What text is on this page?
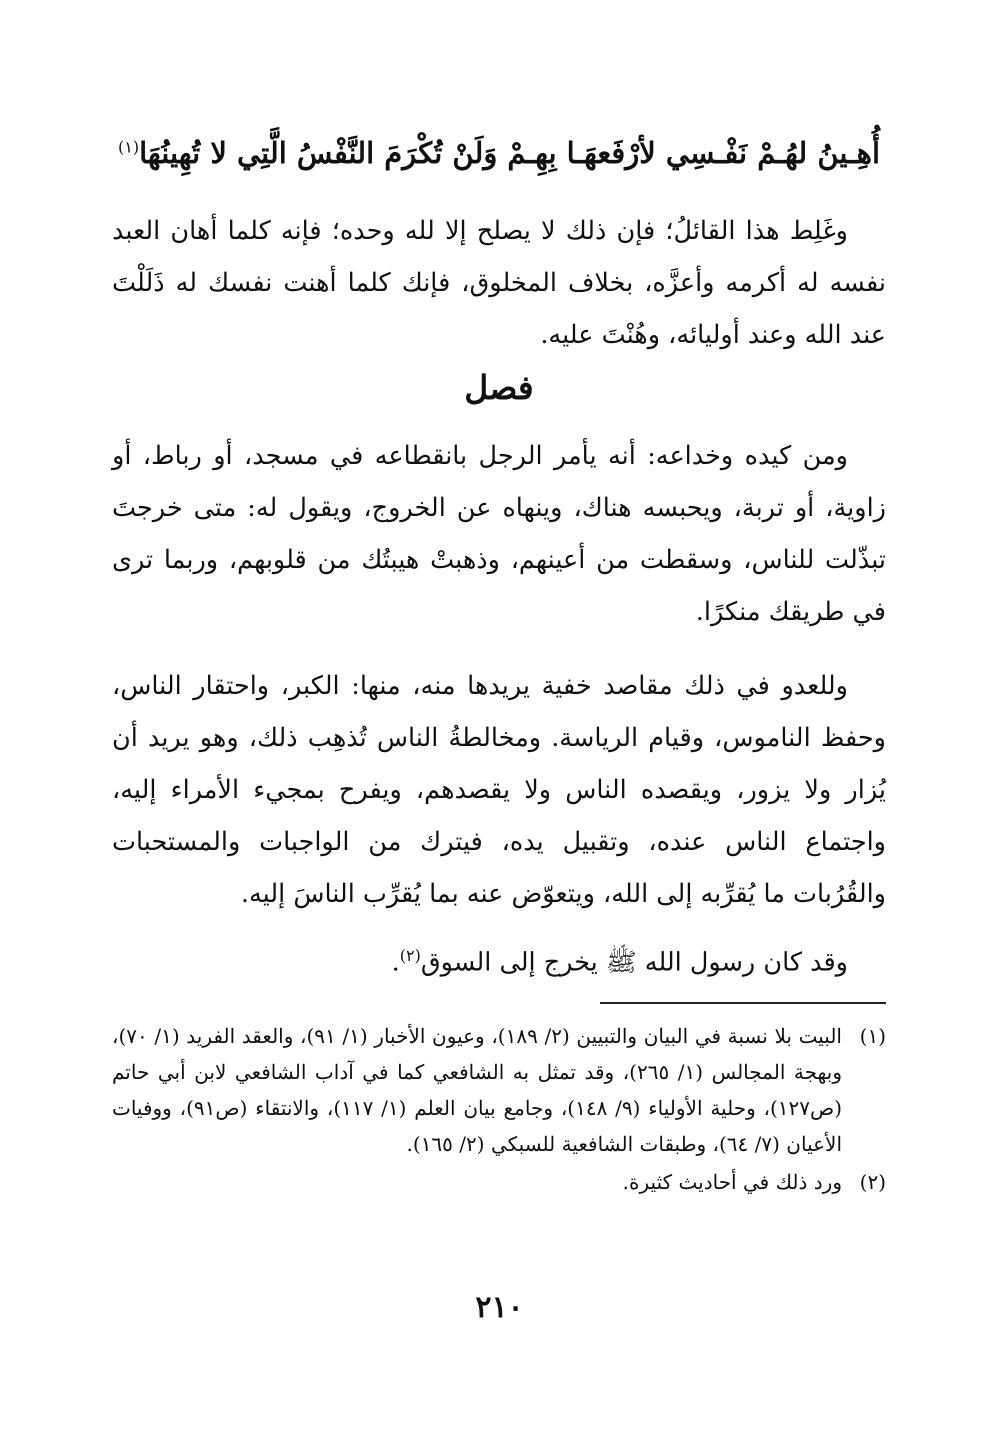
أُهِـينُ لهُـمْ نَفْـسِي لأرْفَعهَـا بِهِـمْ
وَلَنْ تُكْرَمَ النَّفْسُ الَّتِي لا تُهِينُهَا$^{(١)}$

وغَلِط هذا القائلُ؛ فإن ذلك لا يصلح إلا لله وحده؛ فإنه كلما أهان العبد نفسه له أكرمه وأعزَّه، بخلاف المخلوق، فإنك كلما أهنت نفسك له ذَلَلْتَ عند الله وعند أوليائه، وهُنْتَ عليه.

فصل

ومن كيده وخداعه: أنه يأمر الرجل بانقطاعه في مسجد، أو رباط، أو زاوية، أو تربة، ويحبسه هناك، وينهاه عن الخروج، ويقول له: متى خرجتَ تبذّلت للناس، وسقطت من أعينهم، وذهبتْ هيبتُك من قلوبهم، وربما ترى في طريقك منكرًا.

وللعدو في ذلك مقاصد خفية يريدها منه، منها: الكبر، واحتقار الناس، وحفظ الناموس، وقيام الرياسة. ومخالطةُ الناس تُذهِب ذلك، وهو يريد أن يُزار ولا يزور، ويقصده الناس ولا يقصدهم، ويفرح بمجيء الأمراء إليه، واجتماع الناس عنده، وتقبيل يده، فيترك من الواجبات والمستحبات والقُرُبات ما يُقرِّبه إلى الله، ويتعوّض عنه بما يُقرِّب الناسَ إليه.

وقد كان رسول الله ﷺ يخرج إلى السوق$^{(٢)}$.

(١)
البيت بلا نسبة في البيان والتبيين (٢/ ١٨٩)، وعيون الأخبار (١/ ٩١)، والعقد الفريد (١/ ٧٠)، وبهجة المجالس (١/ ٢٦٥)، وقد تمثل به الشافعي كما في آداب الشافعي لابن أبي حاتم (ص١٢٧)، وحلية الأولياء (٩/ ١٤٨)، وجامع بيان العلم (١/ ١١٧)، والانتقاء (ص٩١)، ووفيات الأعيان (٧/ ٦٤)، وطبقات الشافعية للسبكي (٢/ ١٦٥).
(٢)
ورد ذلك في أحاديث كثيرة.
٢١٠
